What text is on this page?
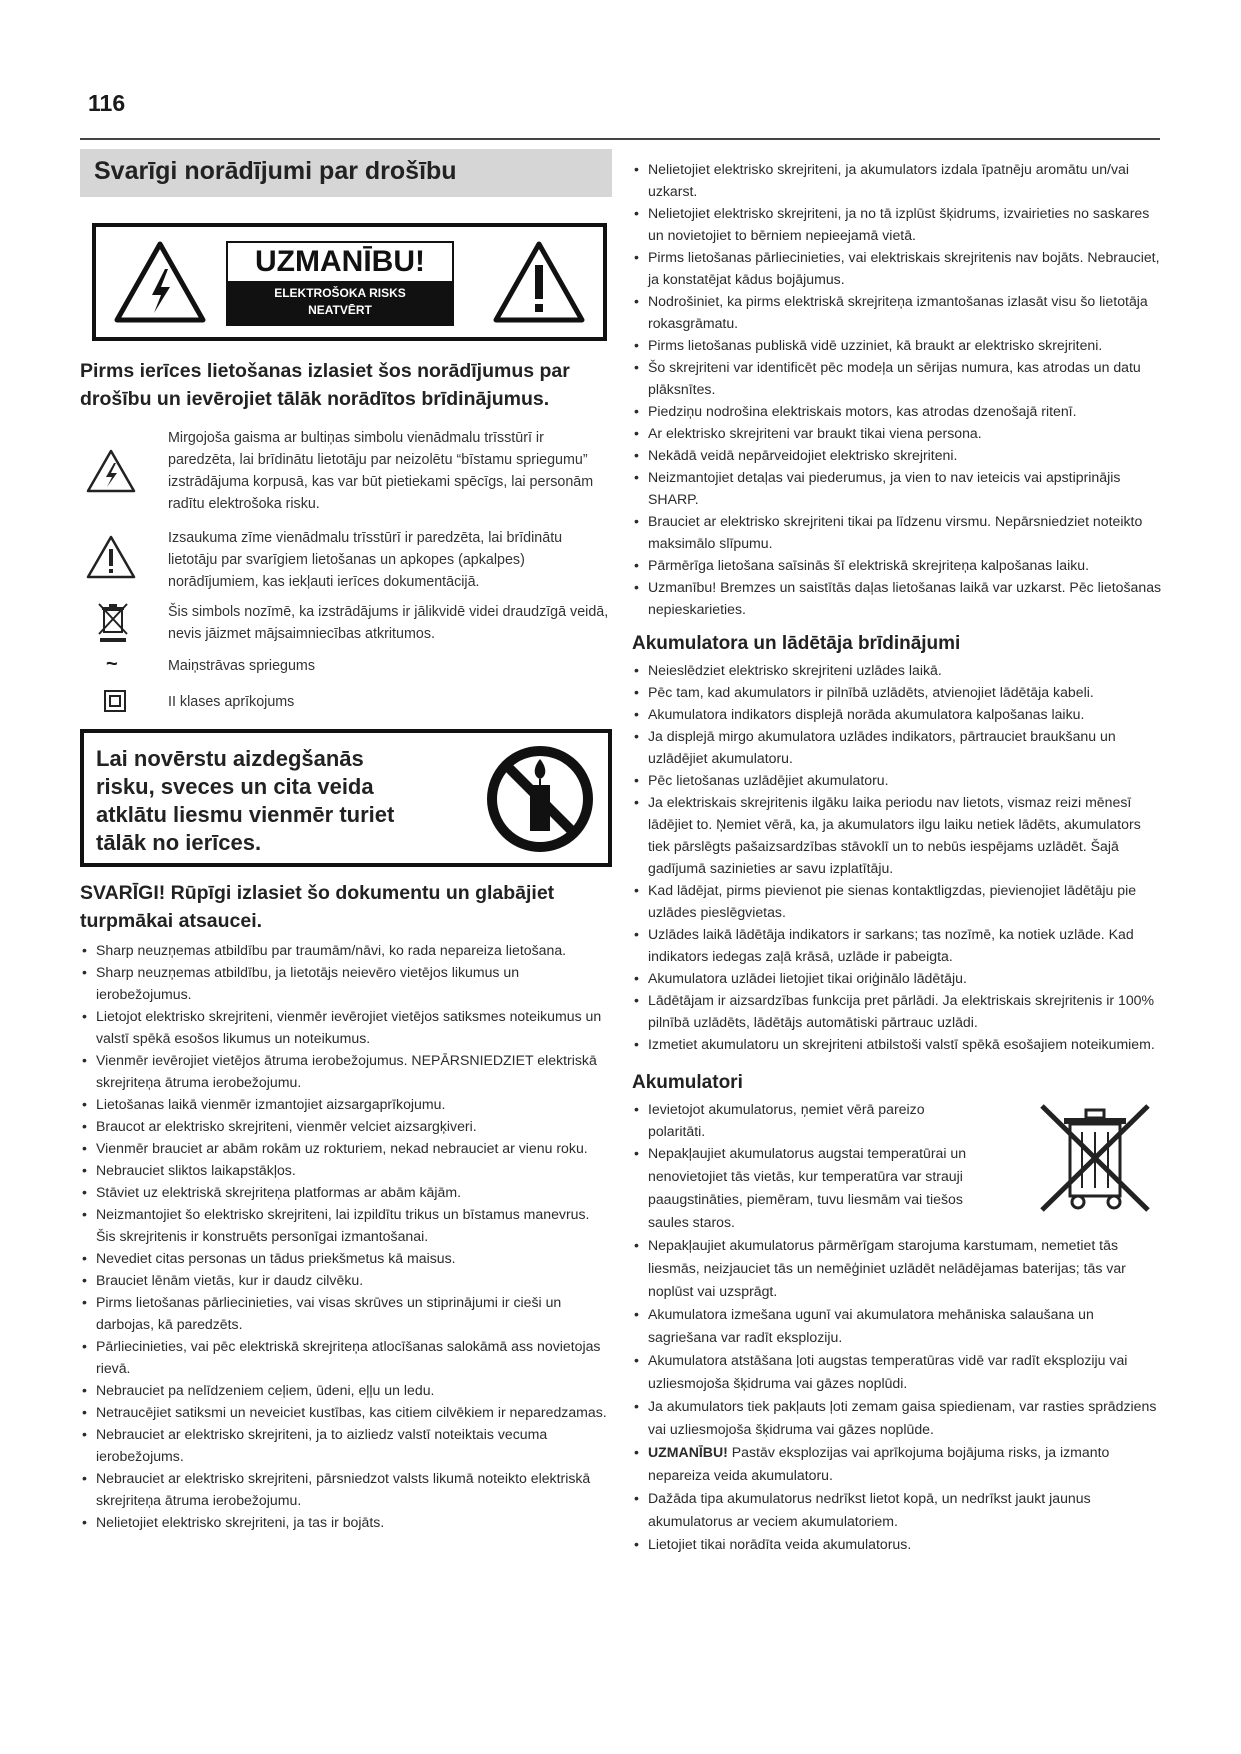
116
Svarīgi norādījumi par drošību
UZMANĪBU!
ELEKTROŠOKA RISKS
NEATVĒRT
Pirms ierīces lietošanas izlasiet šos norādījumus par drošību un ievērojiet tālāk norādītos brīdinājumus.
Mirgojoša gaisma ar bultiņas simbolu vienādmalu trīsstūrī ir paredzēta, lai brīdinātu lietotāju par neizolētu “bīstamu spriegumu” izstrādājuma korpusā, kas var būt pietiekami spēcīgs, lai personām radītu elektrošoka risku.
Izsaukuma zīme vienādmalu trīsstūrī ir paredzēta, lai brīdinātu lietotāju par svarīgiem lietošanas un apkopes (apkalpes) norādījumiem, kas iekļauti ierīces dokumentācijā.
Šis simbols nozīmē, ka izstrādājums ir jālikvidē videi draudzīgā veidā, nevis jāizmet mājsaimniecības atkritumos.
~	Maiņstrāvas spriegums
II klases aprīkojums
Lai novērstu aizdegšanās risku, sveces un cita veida atklātu liesmu vienmēr turiet tālāk no ierīces.
SVARĪGI! Rūpīgi izlasiet šo dokumentu un glabājiet turpmākai atsaucei.
• Sharp neuzņemas atbildību par traumām/nāvi, ko rada nepareiza lietošana.
• Sharp neuzņemas atbildību, ja lietotājs neievēro vietējos likumus un ierobežojumus.
• Lietojot elektrisko skrejriteni, vienmēr ievērojiet vietējos satiksmes noteikumus un valstī spēkā esošos likumus un noteikumus.
• Vienmēr ievērojiet vietējos ātruma ierobežojumus. NEPĀRSNIEDZIET elektriskā skrejriteņa ātruma ierobežojumu.
• Lietošanas laikā vienmēr izmantojiet aizsargaprīkojumu.
• Braucot ar elektrisko skrejriteni, vienmēr velciet aizsargķiveri.
• Vienmēr brauciet ar abām rokām uz rokturiem, nekad nebrauciet ar vienu roku.
• Nebrauciet sliktos laikapstākļos.
• Stāviet uz elektriskā skrejriteņa platformas ar abām kājām.
• Neizmantojiet šo elektrisko skrejriteni, lai izpildītu trikus un bīstamus manevrus. Šis skrejritenis ir konstruēts personīgai izmantošanai.
• Nevediet citas personas un tādus priekšmetus kā maisus.
• Brauciet lēnām vietās, kur ir daudz cilvēku.
• Pirms lietošanas pārliecinieties, vai visas skrūves un stiprinājumi ir cieši un darbojas, kā paredzēts.
• Pārliecinieties, vai pēc elektriskā skrejriteņa atlocīšanas salokāmā ass novietojas rievā.
• Nebrauciet pa nelīdzeniem ceļiem, ūdeni, eļļu un ledu.
• Netraucējiet satiksmi un neveiciet kustības, kas citiem cilvēkiem ir neparedzamas.
• Nebrauciet ar elektrisko skrejriteni, ja to aizliedz valstī noteiktais vecuma ierobežojums.
• Nebrauciet ar elektrisko skrejriteni, pārsniedzot valsts likumā noteikto elektriskā skrejriteņa ātruma ierobežojumu.
• Nelietojiet elektrisko skrejriteni, ja tas ir bojāts.
• Nelietojiet elektrisko skrejriteni, ja akumulators izdala īpatnēju aromātu un/vai uzkarst.
• Nelietojiet elektrisko skrejriteni, ja no tā izplūst šķidrums, izvairieties no saskares un novietojiet to bērniem nepieejamā vietā.
• Pirms lietošanas pārliecinieties, vai elektriskais skrejritenis nav bojāts. Nebrauciet, ja konstatējat kādus bojājumus.
• Nodrošiniet, ka pirms elektriskā skrejriteņa izmantošanas izlasāt visu šo lietotāja rokasgrāmatu.
• Pirms lietošanas publiskā vidē uzziniet, kā braukt ar elektrisko skrejriteni.
• Šo skrejriteni var identificēt pēc modeļa un sērijas numura, kas atrodas un datu plāksnītes.
• Piedziņu nodrošina elektriskais motors, kas atrodas dzenošajā ritenī.
• Ar elektrisko skrejriteni var braukt tikai viena persona.
• Nekādā veidā nepārveidojiet elektrisko skrejriteni.
• Neizmantojiet detaļas vai piederumus, ja vien to nav ieteicis vai apstiprinājis SHARP.
• Brauciet ar elektrisko skrejriteni tikai pa līdzenu virsmu. Nepārsniedziet noteikto maksimālo slīpumu.
• Pārmērīga lietošana saīsinās šī elektriskā skrejriteņa kalpošanas laiku.
• Uzmanību! Bremzes un saistītās daļas lietošanas laikā var uzkarst. Pēc lietošanas nepieskarieties.
Akumulatora un lādētāja brīdinājumi
• Neieslēdziet elektrisko skrejriteni uzlādes laikā.
• Pēc tam, kad akumulators ir pilnībā uzlādēts, atvienojiet lādētāja kabeli.
• Akumulatora indikators displejā norāda akumulatora kalpošanas laiku.
• Ja displejā mirgo akumulatora uzlādes indikators, pārtrauciet braukšanu un uzlādējiet akumulatoru.
• Pēc lietošanas uzlādējiet akumulatoru.
• Ja elektriskais skrejritenis ilgāku laika periodu nav lietots, vismaz reizi mēnesī lādējiet to. Ņemiet vērā, ka, ja akumulators ilgu laiku netiek lādēts, akumulators tiek pārslēgts pašaizsardzības stāvoklī un to nebūs iespējams uzlādēt. Šajā gadījumā sazinieties ar savu izplatītāju.
• Kad lādējat, pirms pievienot pie sienas kontaktligzdas, pievienojiet lādētāju pie uzlādes pieslēgvietas.
• Uzlādes laikā lādētāja indikators ir sarkans; tas nozīmē, ka notiek uzlāde. Kad indikators iedegas zaļā krāsā, uzlāde ir pabeigta.
• Akumulatora uzlādei lietojiet tikai oriģinālo lādētāju.
• Lādētājam ir aizsardzības funkcija pret pārlādi. Ja elektriskais skrejritenis ir 100% pilnībā uzlādēts, lādētājs automātiski pārtrauc uzlādi.
• Izmetiet akumulatoru un skrejriteni atbilstoši valstī spēkā esošajiem noteikumiem.
Akumulatori
• Ievietojot akumulatorus, ņemiet vērā pareizo polaritāti.
• Nepakļaujiet akumulatorus augstai temperatūrai un nenovietojiet tās vietās, kur temperatūra var strauji paaugstināties, piemēram, tuvu liesmām vai tiešos saules staros.
• Nepakļaujiet akumulatorus pārmērīgam starojuma karstumam, nemetiet tās liesmās, neizjauciet tās un nemēģiniet uzlādēt nelādējamas baterijas; tās var noplūst vai uzsprāgt.
• Akumulatora izmešana ugunī vai akumulatora mehāniska salaušana un sagriešana var radīt eksploziju.
• Akumulatora atstāšana ļoti augstas temperatūras vidē var radīt eksploziju vai uzliesmojoša šķidruma vai gāzes noplūdi.
• Ja akumulators tiek pakļauts ļoti zemam gaisa spiedienam, var rasties sprādziens vai uzliesmojoša šķidruma vai gāzes noplūde.
• UZMANĪBU! Pastāv eksplozijas vai aprīkojuma bojājuma risks, ja izmanto nepareiza veida akumulatoru.
• Dažāda tipa akumulatorus nedrīkst lietot kopā, un nedrīkst jaukt jaunus akumulatorus ar veciem akumulatoriem.
• Lietojiet tikai norādīta veida akumulatorus.
